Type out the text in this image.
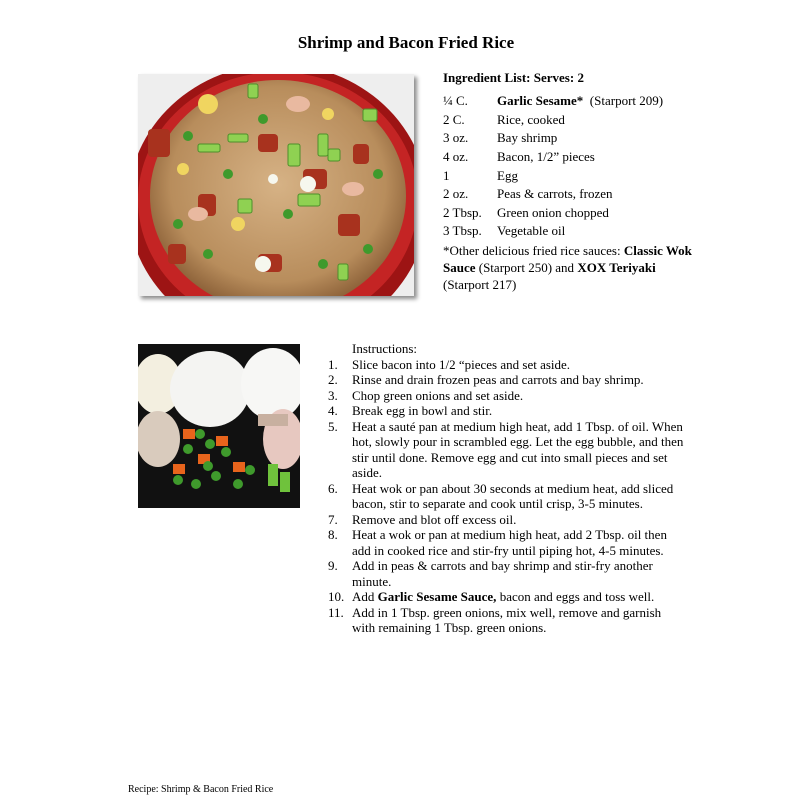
Shrimp and Bacon Fried Rice
Ingredient List: Serves: 2
¼ C.	Garlic Sesame*  (Starport 209)
2 C.	Rice, cooked
3 oz.	Bay shrimp
4 oz.	Bacon, 1/2” pieces
1	Egg
2 oz.	Peas & carrots, frozen
2 Tbsp.	Green onion chopped
3 Tbsp.	Vegetable oil
*Other delicious fried rice sauces: Classic Wok Sauce (Starport 250) and XOX Teriyaki (Starport 217)
Instructions:
1.	Slice bacon into 1/2 “pieces and set aside.
2.	Rinse and drain frozen peas and carrots and bay shrimp.
3.	Chop green onions and set aside.
4.	Break egg in bowl and stir.
5.	Heat a sauté pan at medium high heat, add 1 Tbsp. of oil. When hot, slowly pour in scrambled egg. Let the egg bubble, and then stir until done. Remove egg and cut into small pieces and set aside.
6.	Heat wok or pan about 30 seconds at medium heat, add sliced bacon, stir to separate and cook until crisp, 3-5 minutes.
7.	Remove and blot off excess oil.
8.	Heat a wok or pan at medium high heat, add 2 Tbsp. oil then add in cooked rice and stir-fry until piping hot, 4-5 minutes.
9.	Add in peas & carrots and bay shrimp and stir-fry another minute.
10. Add Garlic Sesame Sauce, bacon and eggs and toss well.
11. Add in 1 Tbsp. green onions, mix well, remove and garnish with remaining 1 Tbsp. green onions.
Recipe: Shrimp & Bacon Fried Rice
